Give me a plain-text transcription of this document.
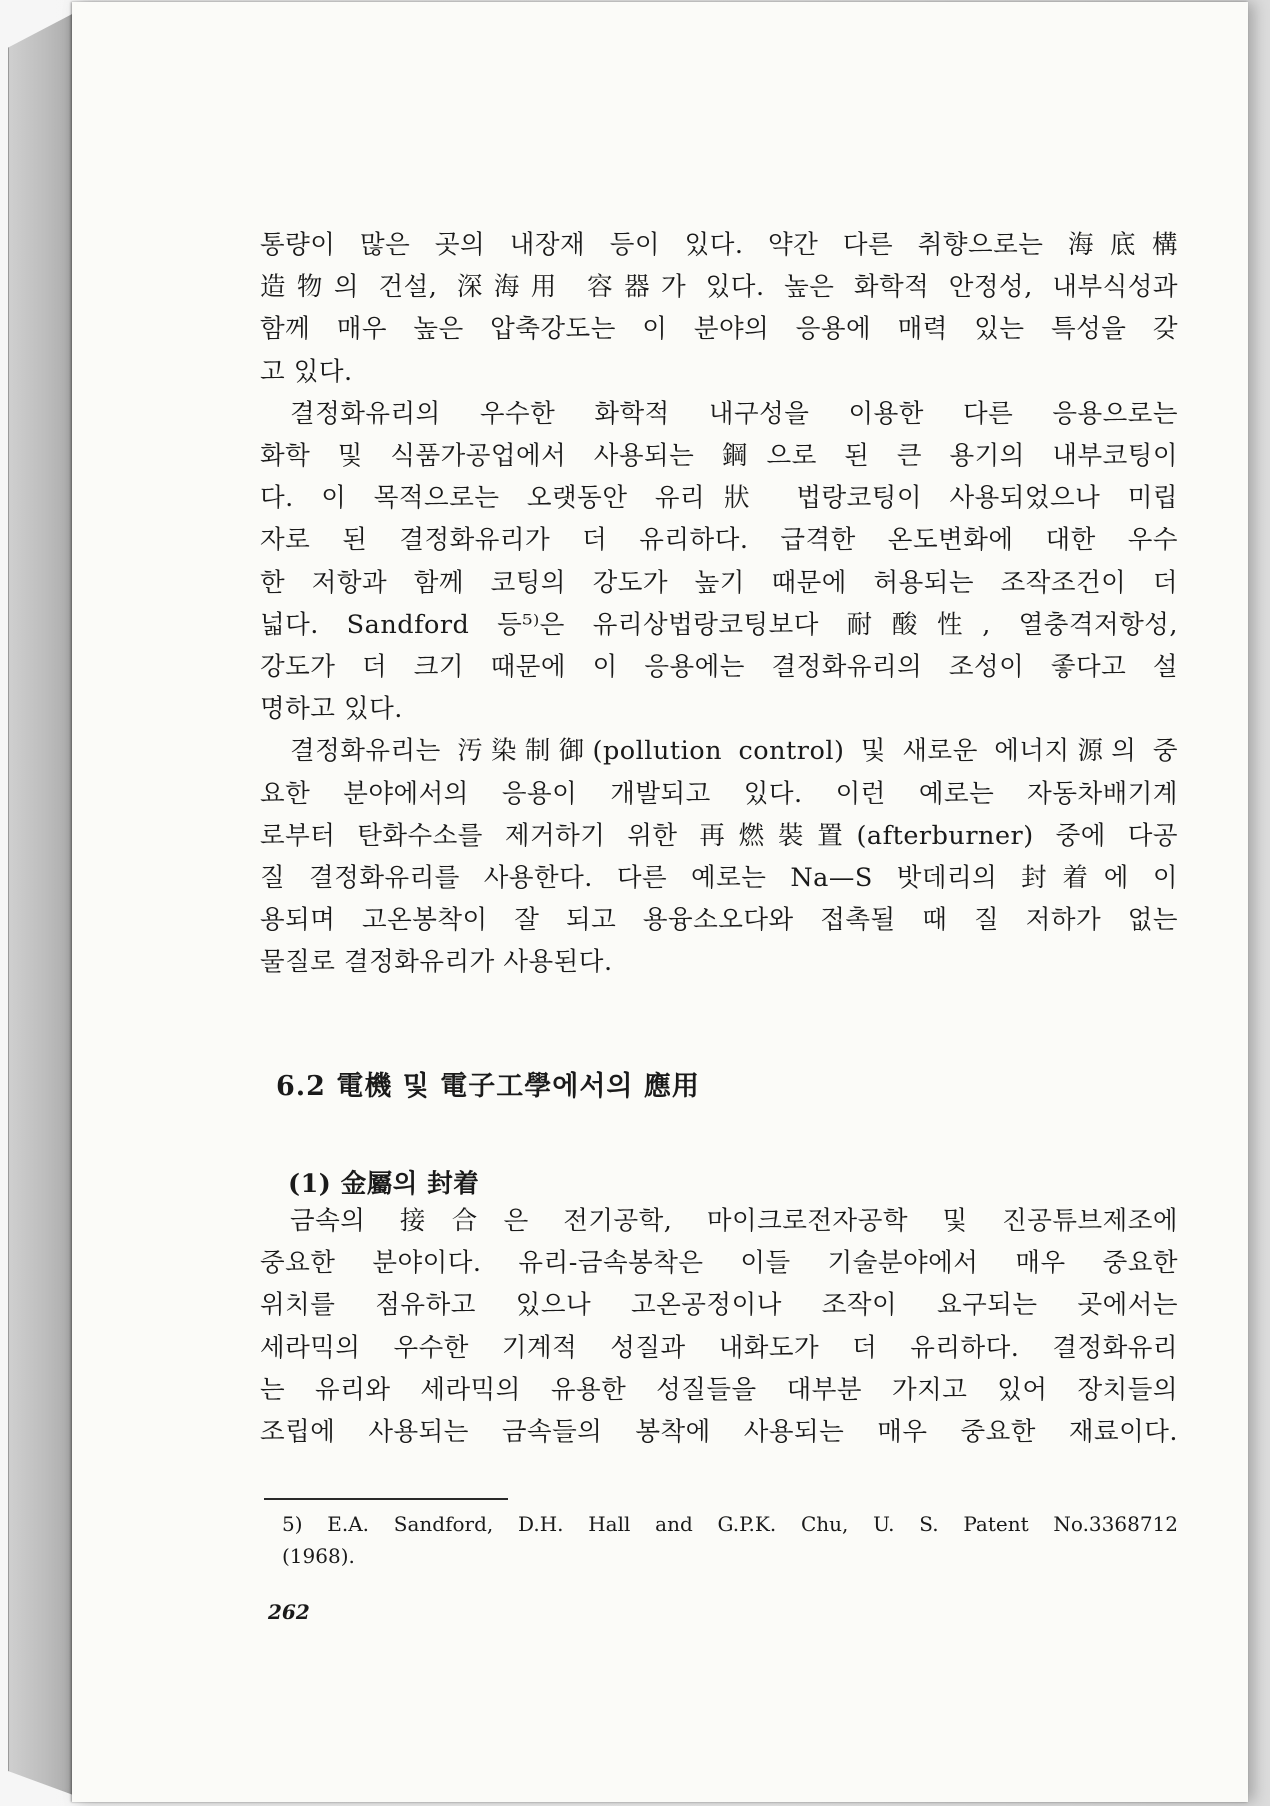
통량이 많은 곳의 내장재 등이 있다. 약간 다른 취향으로는 海底構
造物의 건설, 深海用 容器가 있다. 높은 화학적 안정성, 내부식성과
함께 매우 높은 압축강도는 이 분야의 응용에 매력 있는 특성을 갖
고 있다.

결정화유리의 우수한 화학적 내구성을 이용한 다른 응용으로는
화학 및 식품가공업에서 사용되는 鋼으로 된 큰 용기의 내부코팅이
다. 이 목적으로는 오랫동안 유리狀 법랑코팅이 사용되었으나 미립
자로 된 결정화유리가 더 유리하다. 급격한 온도변화에 대한 우수
한 저항과 함께 코팅의 강도가 높기 때문에 허용되는 조작조건이 더
넓다. Sandford 등⁵⁾은 유리상법랑코팅보다 耐酸性, 열충격저항성,
강도가 더 크기 때문에 이 응용에는 결정화유리의 조성이 좋다고 설
명하고 있다.

결정화유리는 汚染制御(pollution control) 및 새로운 에너지源의 중
요한 분야에서의 응용이 개발되고 있다. 이런 예로는 자동차배기계
로부터 탄화수소를 제거하기 위한 再燃裝置(afterburner) 중에 다공
질 결정화유리를 사용한다. 다른 예로는 Na—S 밧데리의 封着에 이
용되며 고온봉착이 잘 되고 용융소오다와 접촉될 때 질 저하가 없는
물질로 결정화유리가 사용된다.

6.2 電機 및 電子工學에서의 應用
(1) 金屬의 封着

금속의 接合은 전기공학, 마이크로전자공학 및 진공튜브제조에
중요한 분야이다. 유리-금속봉착은 이들 기술분야에서 매우 중요한
위치를 점유하고 있으나 고온공정이나 조작이 요구되는 곳에서는
세라믹의 우수한 기계적 성질과 내화도가 더 유리하다. 결정화유리
는 유리와 세라믹의 유용한 성질들을 대부분 가지고 있어 장치들의
조립에 사용되는 금속들의 봉착에 사용되는 매우 중요한 재료이다.

5) E.A. Sandford, D.H. Hall and G.P.K. Chu, U. S. Patent No.3368712
(1968).

262
